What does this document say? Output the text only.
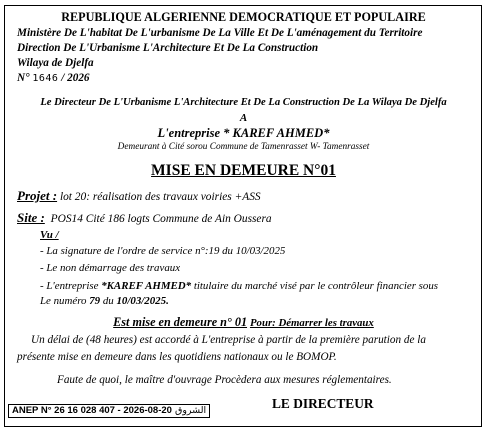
REPUBLIQUE ALGERIENNE DEMOCRATIQUE ET POPULAIRE
Ministère De L'habitat De L'urbanisme De La Ville Et De L'aménagement du Territoire
Direction De L'Urbanisme L'Architecture Et De La Construction
Wilaya de Djelfa
N° 1646 / 2026
Le Directeur De L'Urbanisme L'Architecture Et De La Construction De La Wilaya De Djelfa
A
L'entreprise * KAREF AHMED*
Demeurant à Cité sorou Commune de Tamenrasset W- Tamenrasset
MISE EN DEMEURE N°01
Projet : lot 20: réalisation des travaux voiries +ASS
Site : POS14 Cité 186 logts Commune de Ain Oussera
Vu /
- La signature de l'ordre de service n°:19 du 10/03/2025
- Le non démarrage des travaux
- L'entreprise *KAREF AHMED* titulaire du marché visé par le contrôleur financier sous
Le numéro 79 du 10/03/2025.
Est mise en demeure n° 01 Pour: Démarrer les travaux
Un délai de (48 heures) est accordé à L'entreprise à partir de la première parution de la
présente mise en demeure dans les quotidiens nationaux ou le BOMOP.
Faute de quoi, le maître d'ouvrage Procèdera aux mesures réglementaires.
LE DIRECTEUR
ANEP N° 26 16 028 407 - 2026-08-20 الشروق
